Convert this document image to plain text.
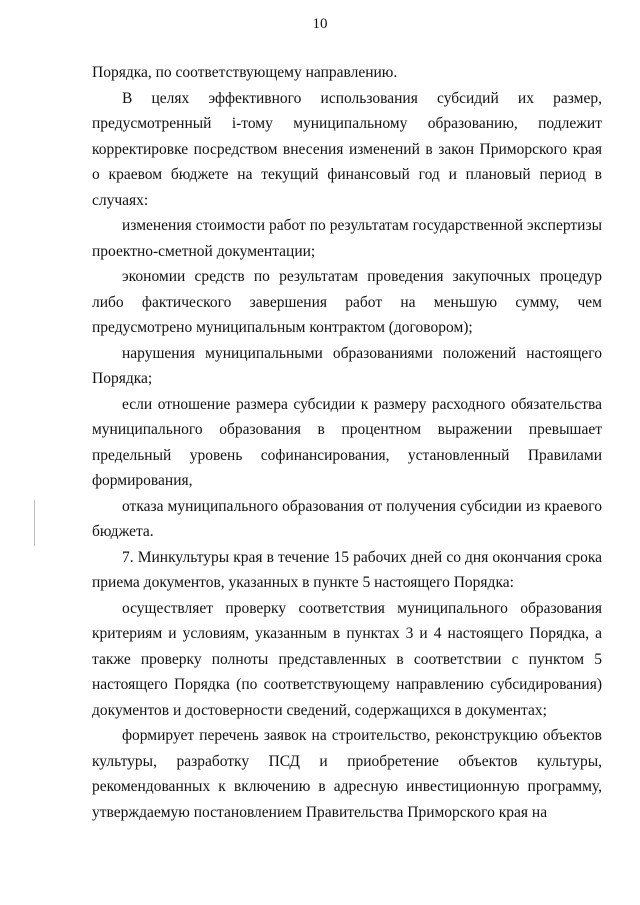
10

Порядка, по соответствующему направлению.

В целях эффективного использования субсидий их размер, предусмотренный i-тому муниципальному образованию, подлежит корректировке посредством внесения изменений в закон Приморского края о краевом бюджете на текущий финансовый год и плановый период в случаях:

изменения стоимости работ по результатам государственной экспертизы проектно-сметной документации;

экономии средств по результатам проведения закупочных процедур либо фактического завершения работ на меньшую сумму, чем предусмотрено муниципальным контрактом (договором);

нарушения муниципальными образованиями положений настоящего Порядка;

если отношение размера субсидии к размеру расходного обязательства муниципального образования в процентном выражении превышает предельный уровень софинансирования, установленный Правилами формирования,

отказа муниципального образования от получения субсидии из краевого бюджета.

7. Минкультуры края в течение 15 рабочих дней со дня окончания срока приема документов, указанных в пункте 5 настоящего Порядка:

осуществляет проверку соответствия муниципального образования критериям и условиям, указанным в пунктах 3 и 4 настоящего Порядка, а также проверку полноты представленных в соответствии с пунктом 5 настоящего Порядка (по соответствующему направлению субсидирования) документов и достоверности сведений, содержащихся в документах;

формирует перечень заявок на строительство, реконструкцию объектов культуры, разработку ПСД и приобретение объектов культуры, рекомендованных к включению в адресную инвестиционную программу, утверждаемую постановлением Правительства Приморского края на
